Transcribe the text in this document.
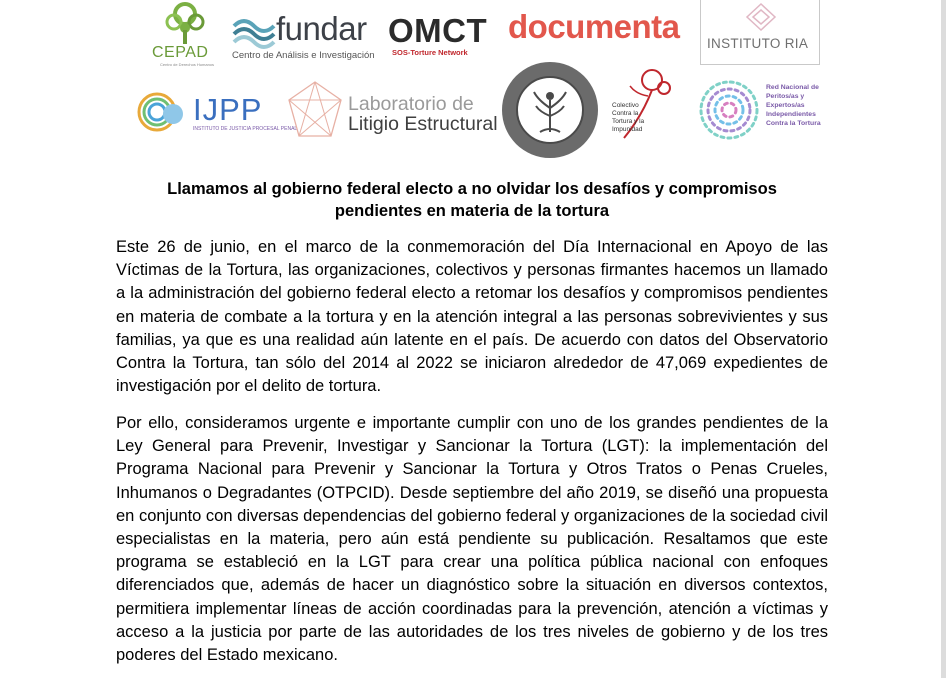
CEPAD
Centro de Derechos Humanos
fundar
Centro de Análisis e Investigación
OMCT
SOS-Torture Network
documenta INSTITUTO RIA
IJPP
INSTITUTO DE JUSTICIA PROCESAL PENAL
Laboratorio de
Litigio Estructural
Colectivo
Contra la
Tortura y la
Impunidad
Red Nacional de
Peritos/as y
Expertos/as
Independientes
Contra la Tortura
Llamamos al gobierno federal electo a no olvidar los desafíos y compromisos
pendientes en materia de la tortura

Este 26 de junio, en el marco de la conmemoración del Día Internacional en Apoyo de las Víctimas de la Tortura, las organizaciones, colectivos y personas firmantes hacemos un llamado a la administración del gobierno federal electo a retomar los desafíos y compromisos pendientes en materia de combate a la tortura y en la atención integral a las personas sobrevivientes y sus familias, ya que es una realidad aún latente en el país. De acuerdo con datos del Observatorio Contra la Tortura, tan sólo del 2014 al 2022 se iniciaron alrededor de 47,069 expedientes de investigación por el delito de tortura.

Por ello, consideramos urgente e importante cumplir con uno de los grandes pendientes de la Ley General para Prevenir, Investigar y Sancionar la Tortura (LGT): la implementación del Programa Nacional para Prevenir y Sancionar la Tortura y Otros Tratos o Penas Crueles, Inhumanos o Degradantes (OTPCID). Desde septiembre del año 2019, se diseñó una propuesta en conjunto con diversas dependencias del gobierno federal y organizaciones de la sociedad civil especialistas en la materia, pero aún está pendiente su publicación. Resaltamos que este programa se estableció en la LGT para crear una política pública nacional con enfoques diferenciados que, además de hacer un diagnóstico sobre la situación en diversos contextos, permitiera implementar líneas de acción coordinadas para la prevención, atención a víctimas y acceso a la justicia por parte de las autoridades de los tres niveles de gobierno y de los tres poderes del Estado mexicano.
